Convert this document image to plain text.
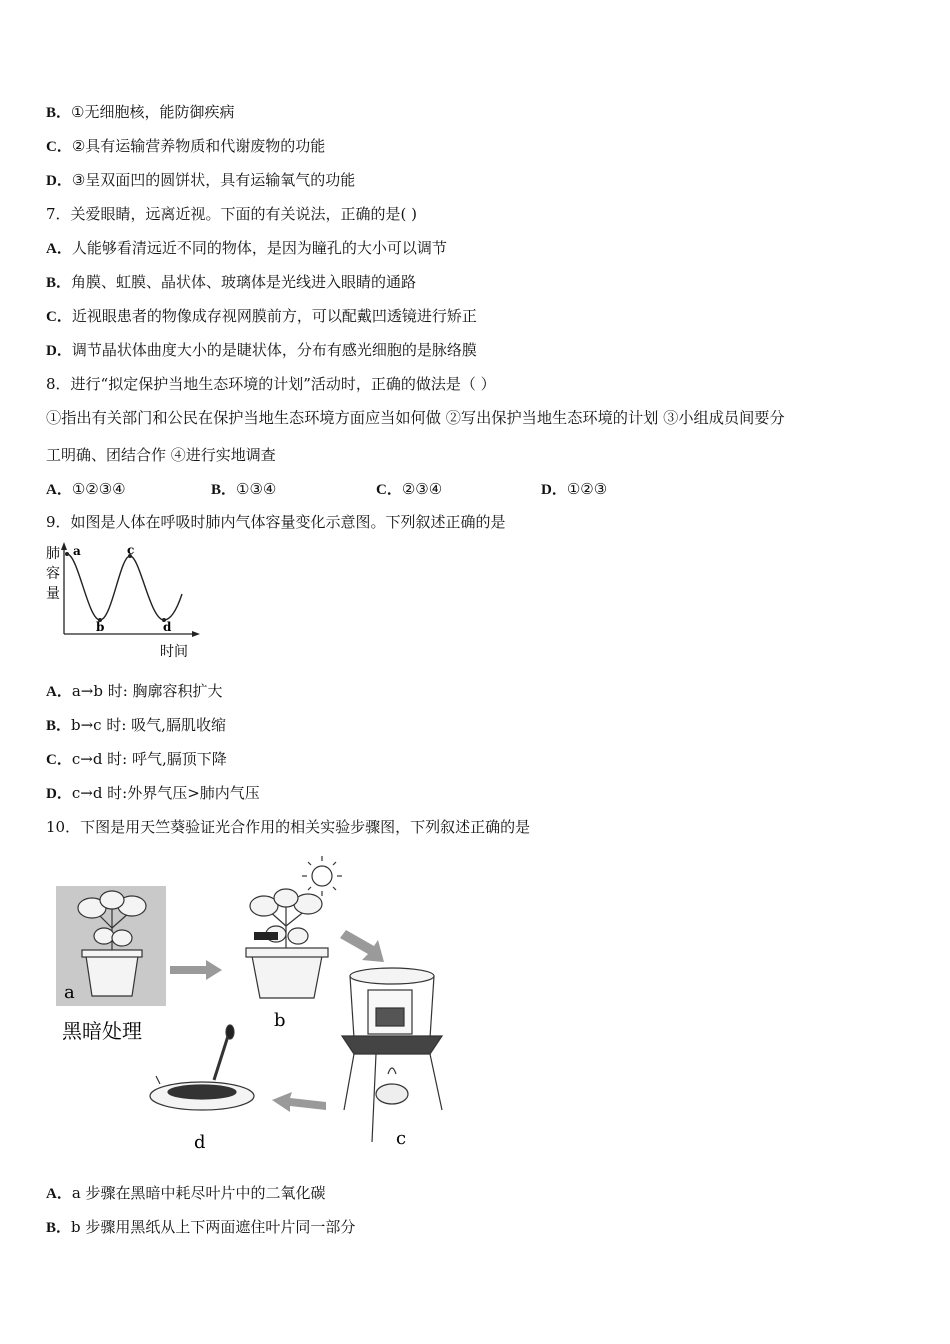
B．①无细胞核，能防御疾病
C．②具有运输营养物质和代谢废物的功能
D．③呈双面凹的圆饼状，具有运输氧气的功能
7．关爱眼睛，远离近视。下面的有关说法，正确的是( )
A．人能够看清远近不同的物体，是因为瞳孔的大小可以调节
B．角膜、虹膜、晶状体、玻璃体是光线进入眼睛的通路
C．近视眼患者的物像成存视网膜前方，可以配戴凹透镜进行矫正
D．调节晶状体曲度大小的是睫状体，分布有感光细胞的是脉络膜
8．进行“拟定保护当地生态环境的计划”活动时，正确的做法是（ ）
①指出有关部门和公民在保护当地生态环境方面应当如何做 ②写出保护当地生态环境的计划 ③小组成员间要分
工明确、团结合作 ④进行实地调查
A．①②③④	B．①③④	C．②③④	D．①②③
9．如图是人体在呼吸时肺内气体容量变化示意图。下列叙述正确的是
肺
容
量
a
b
c
d
时间
A．a→b 时: 胸廓容积扩大
B．b→c 时: 吸气,膈肌收缩
C．c→d 时: 呼气,膈顶下降
D．c→d 时:外界气压>肺内气压
10．下图是用天竺葵验证光合作用的相关实验步骤图，下列叙述正确的是
a
黑暗处理	b
c
d
A．a 步骤在黑暗中耗尽叶片中的二氧化碳
B．b 步骤用黑纸从上下两面遮住叶片同一部分
